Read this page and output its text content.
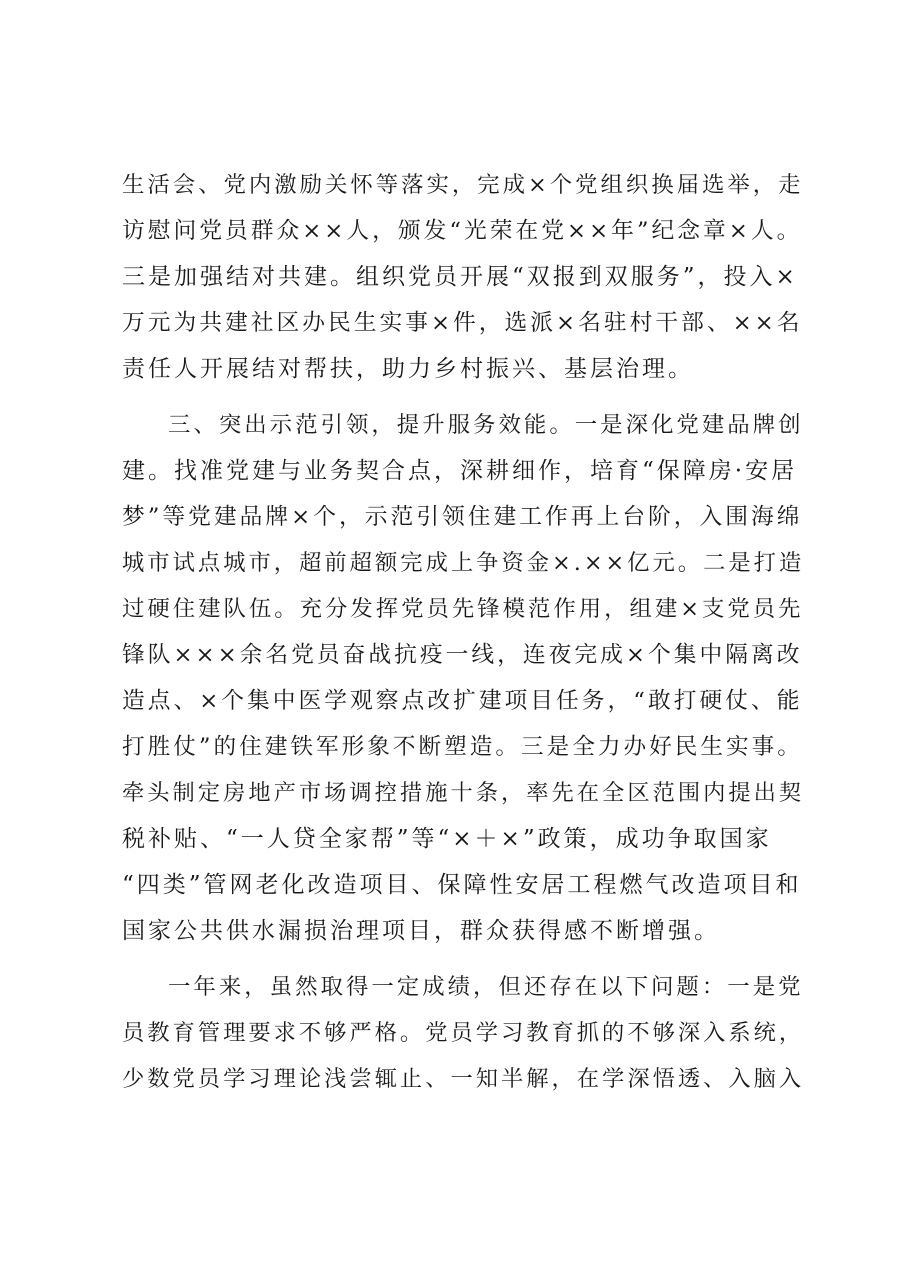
生活会、党内激励关怀等落实，完成×个党组织换届选举，走
访慰问党员群众××人，颁发“光荣在党××年”纪念章×人。
三是加强结对共建。组织党员开展“双报到双服务”，投入×
万元为共建社区办民生实事×件，选派×名驻村干部、××名
责任人开展结对帮扶，助力乡村振兴、基层治理。
三、突出示范引领，提升服务效能。一是深化党建品牌创
建。找准党建与业务契合点，深耕细作，培育“保障房·安居
梦”等党建品牌×个，示范引领住建工作再上台阶，入围海绵
城市试点城市，超前超额完成上争资金×.××亿元。二是打造
过硬住建队伍。充分发挥党员先锋模范作用，组建×支党员先
锋队×××余名党员奋战抗疫一线，连夜完成×个集中隔离改
造点、×个集中医学观察点改扩建项目任务，“敢打硬仗、能
打胜仗”的住建铁军形象不断塑造。三是全力办好民生实事。
牵头制定房地产市场调控措施十条，率先在全区范围内提出契
税补贴、“一人贷全家帮”等“×＋×”政策，成功争取国家
“四类”管网老化改造项目、保障性安居工程燃气改造项目和
国家公共供水漏损治理项目，群众获得感不断增强。
一年来，虽然取得一定成绩，但还存在以下问题：一是党
员教育管理要求不够严格。党员学习教育抓的不够深入系统，
少数党员学习理论浅尝辄止、一知半解，在学深悟透、入脑入
